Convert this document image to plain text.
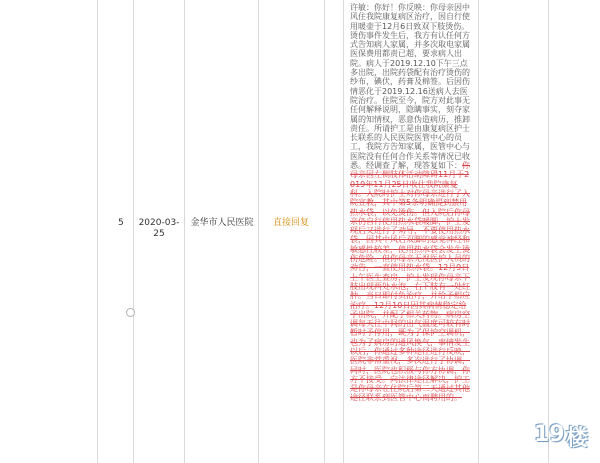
5 2020-03-25
金华市人民医院	直接回复
许敏：你好！你反映：你母亲因中风住我院康复病区治疗，因自行使用暖壶于12月6日致双下肢烫伤。烫伤事件发生后，我方有认任何方式告知病人家属，并多次取电家属医保费用都责已超，要求病人出院。病人于2019.12.10下午三点多出院，出院药袋配有治疗烫伤的纱布，碘伏，药膏及棉签。后因伤情恶化于2019.12.16送病人去医院治疗。住院至今，院方对此事无任何解释说明，隐瞒事实，刻夺家属的知情权，恶意伪造病历，推卸责任。所请护工是由康复病区护士长联系的人民医院医管中心的员工，我院方告知家属，医管中心与医院没有任何合作关系等情况已收悉。经调查了解，现答复如下：你母亲因左侧肢体活动障碍11月于2019年11月25日收住我院康复科。入院时护士对你母亲进行了入院宣教，其中第5条明确提到禁用热水袋，以免烫伤。但入院后你母亲仍自行使用热水袋暖脚，护士发现后又进行了劝导，不要使用热水袋，因其中风后双脚的感觉神经和敏感性较差，使用热水袋会发生烫伤危险。但你母亲无视医护人员的劝告，一直使用热水袋。12月9日上午医生查房，护士发现你母亲下肢出现两处水泡，右下肢有一处红肿。当日即付负治疗，并给予相应治疗。12月10日因其病情稳定给予出院，并配了相关药物。病房空调每天往中间的出气温度可较有时暂时予停用，既为了保护空调机，也为了病房的通风换气，事情发生以后，你通过多种途径进行反映，医院非常重视，多次进行了协调，同时，医院也积极与你方协调，你方不接受。向法律途径解决，护工是你母亲在住院后第二天通过其他途径联系到医管中心而聘用的。
19 楼
